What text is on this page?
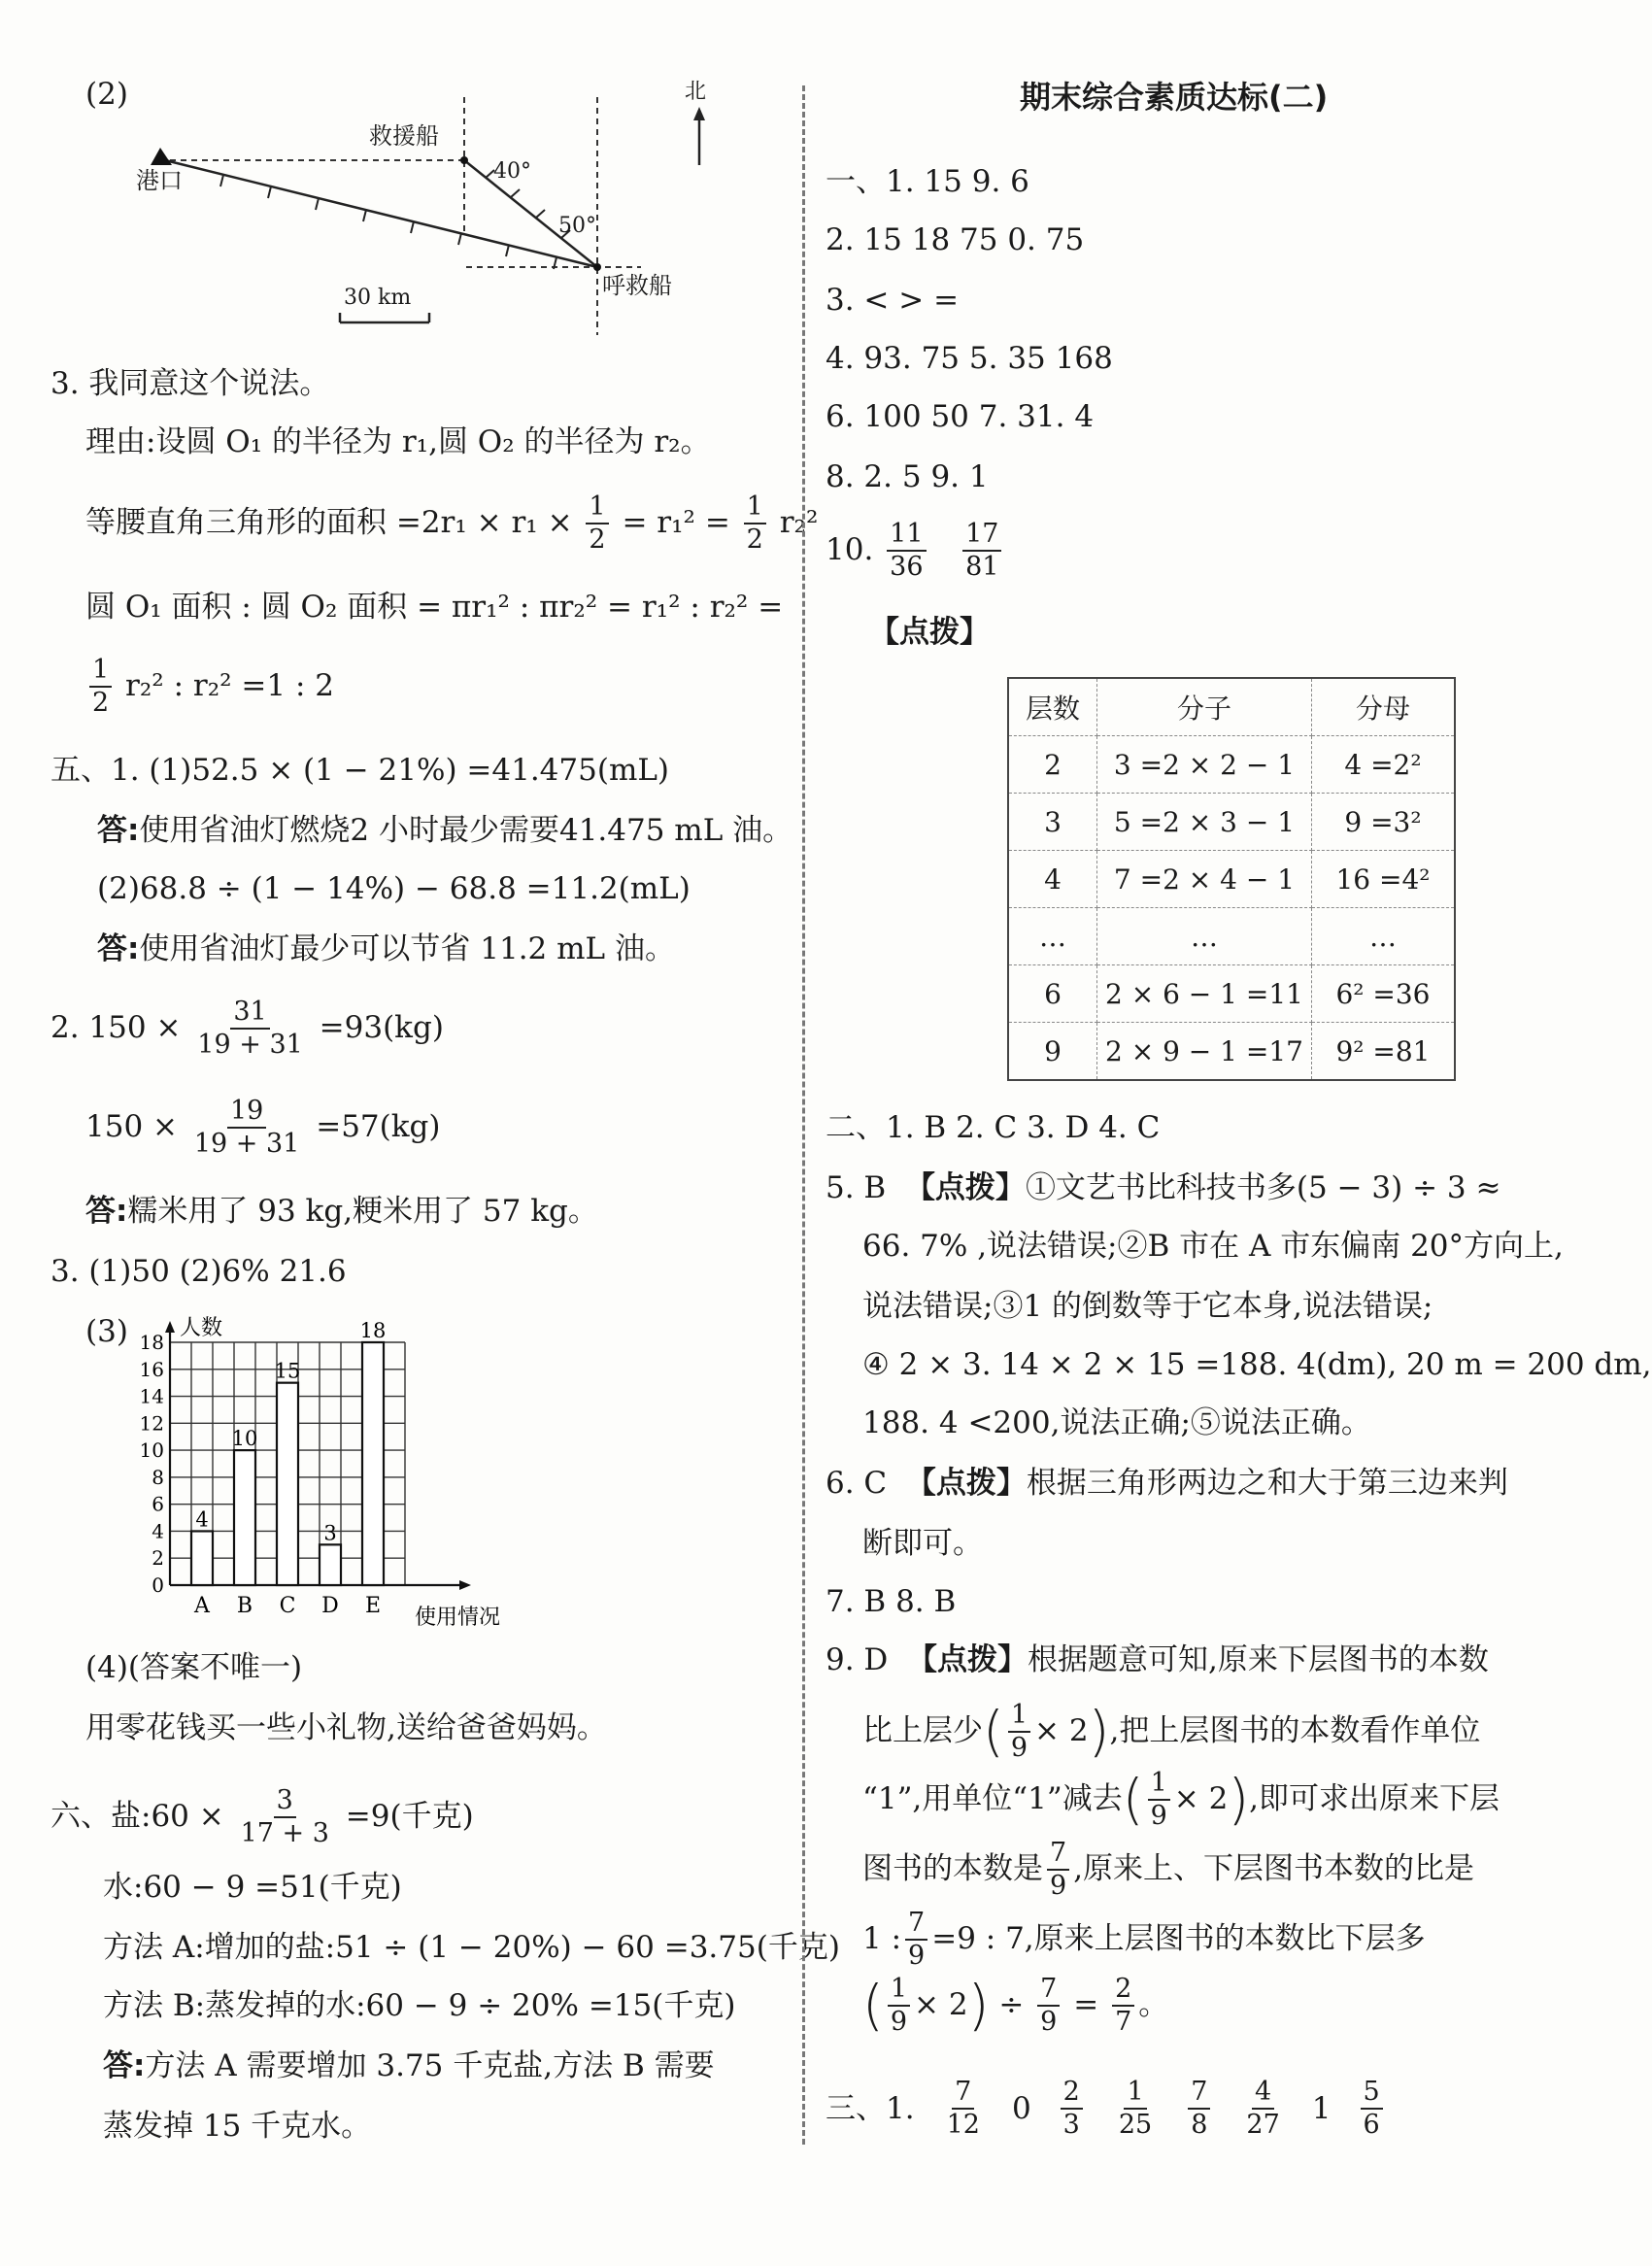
(2)	北
港口
救援船
呼救船
40°
50°
30 km
3. 我同意这个说法。
理由:设圆 O₁ 的半径为 r₁,圆 O₂ 的半径为 r₂。
等腰直角三角形的面积 $=2r_1 \times r_1 \times \frac{1}{2} = r_1^2 = \frac{1}{2} r_2^2$
圆 O₁ 面积 : 圆 O₂ 面积 = πr₁² : πr₂² = r₁² : r₂² =
$\frac{1}{2} r_2^2$ : r₂² =1 : 2
五、1. (1)52.5 × (1 − 21%) =41.475(mL)
答:使用省油灯燃烧2 小时最少需要41.475 mL 油。
(2)68.8 ÷ (1 − 14%) − 68.8 =11.2(mL)
答:使用省油灯最少可以节省 11.2 mL 油。
2. $150 \times \frac{31}{19 + 31} =93(kg)$
$150 \times \frac{19}{19 + 31} =57(kg)$
答:糯米用了 93 kg,粳米用了 57 kg。
3. (1)50 (2)6% 21.6
(3)
0
2
4
6
8
10
12
14
16
18
人数
使用情况
4
A
10
B
15
C
3
D
18
E
(4)(答案不唯一)
用零花钱买一些小礼物,送给爸爸妈妈。
六、盐:60 × $\frac{3}{17 + 3} =9$(千克)
水:60 − 9 =51(千克)
方法 A:增加的盐:51 ÷ (1 − 20%) − 60 =3.75(千克)
方法 B:蒸发掉的水:60 − 9 ÷ 20% =15(千克)
答:方法 A 需要增加 3.75 千克盐,方法 B 需要
蒸发掉 15 千克水。
期末综合素质达标(二)
一、1. 15 9. 6
2. 15 18 75 0. 75
3. < > =
4. 93. 75 5. 35 168
6. 100 50 7. 31. 4
8. 2. 5 9. 1
10. $\frac{11}{36}$
$\frac{17}{81}$
【点拨】
层数	分子	分母
2	3 =2 × 2 − 1	4 =2²
3	5 =2 × 3 − 1	9 =3²
4	7 =2 × 4 − 1	16 =4²
…	…	…
6	2 × 6 − 1 =11	6² =36
9	2 × 9 − 1 =17	9² =81
二、1. B 2. C 3. D 4. C
5. B 【点拨】①文艺书比科技书多(5 − 3) ÷ 3 ≈
66. 7% ,说法错误;②B 市在 A 市东偏南 20°方向上,
说法错误;③1 的倒数等于它本身,说法错误;
④ 2 × 3. 14 × 2 × 15 =188. 4(dm), 20 m = 200 dm,
188. 4 <200,说法正确;⑤说法正确。
6. C 【点拨】根据三角形两边之和大于第三边来判
断即可。
7. B 8. B
9. D 【点拨】根据题意可知,原来下层图书的本数
比上层少( $\frac{1}{9} \times 2$),把上层图书的本数看作单位
“1”,用单位“1”减去( $\frac{1}{9} \times 2$),即可求出原来下层
图书的本数是 $\frac{7}{9}$ ,原来上、下层图书本数的比是
1 : $\frac{7}{9} =9$ : 7,原来上层图书的本数比下层多
( $\frac{1}{9} \times 2) \div \frac{7}{9} = \frac{2}{7}$ 。
三、1. $\frac{7}{12} 0 \frac{2}{3} \frac{1}{25} \frac{7}{8} \frac{4}{27} 1 \frac{5}{6}$
